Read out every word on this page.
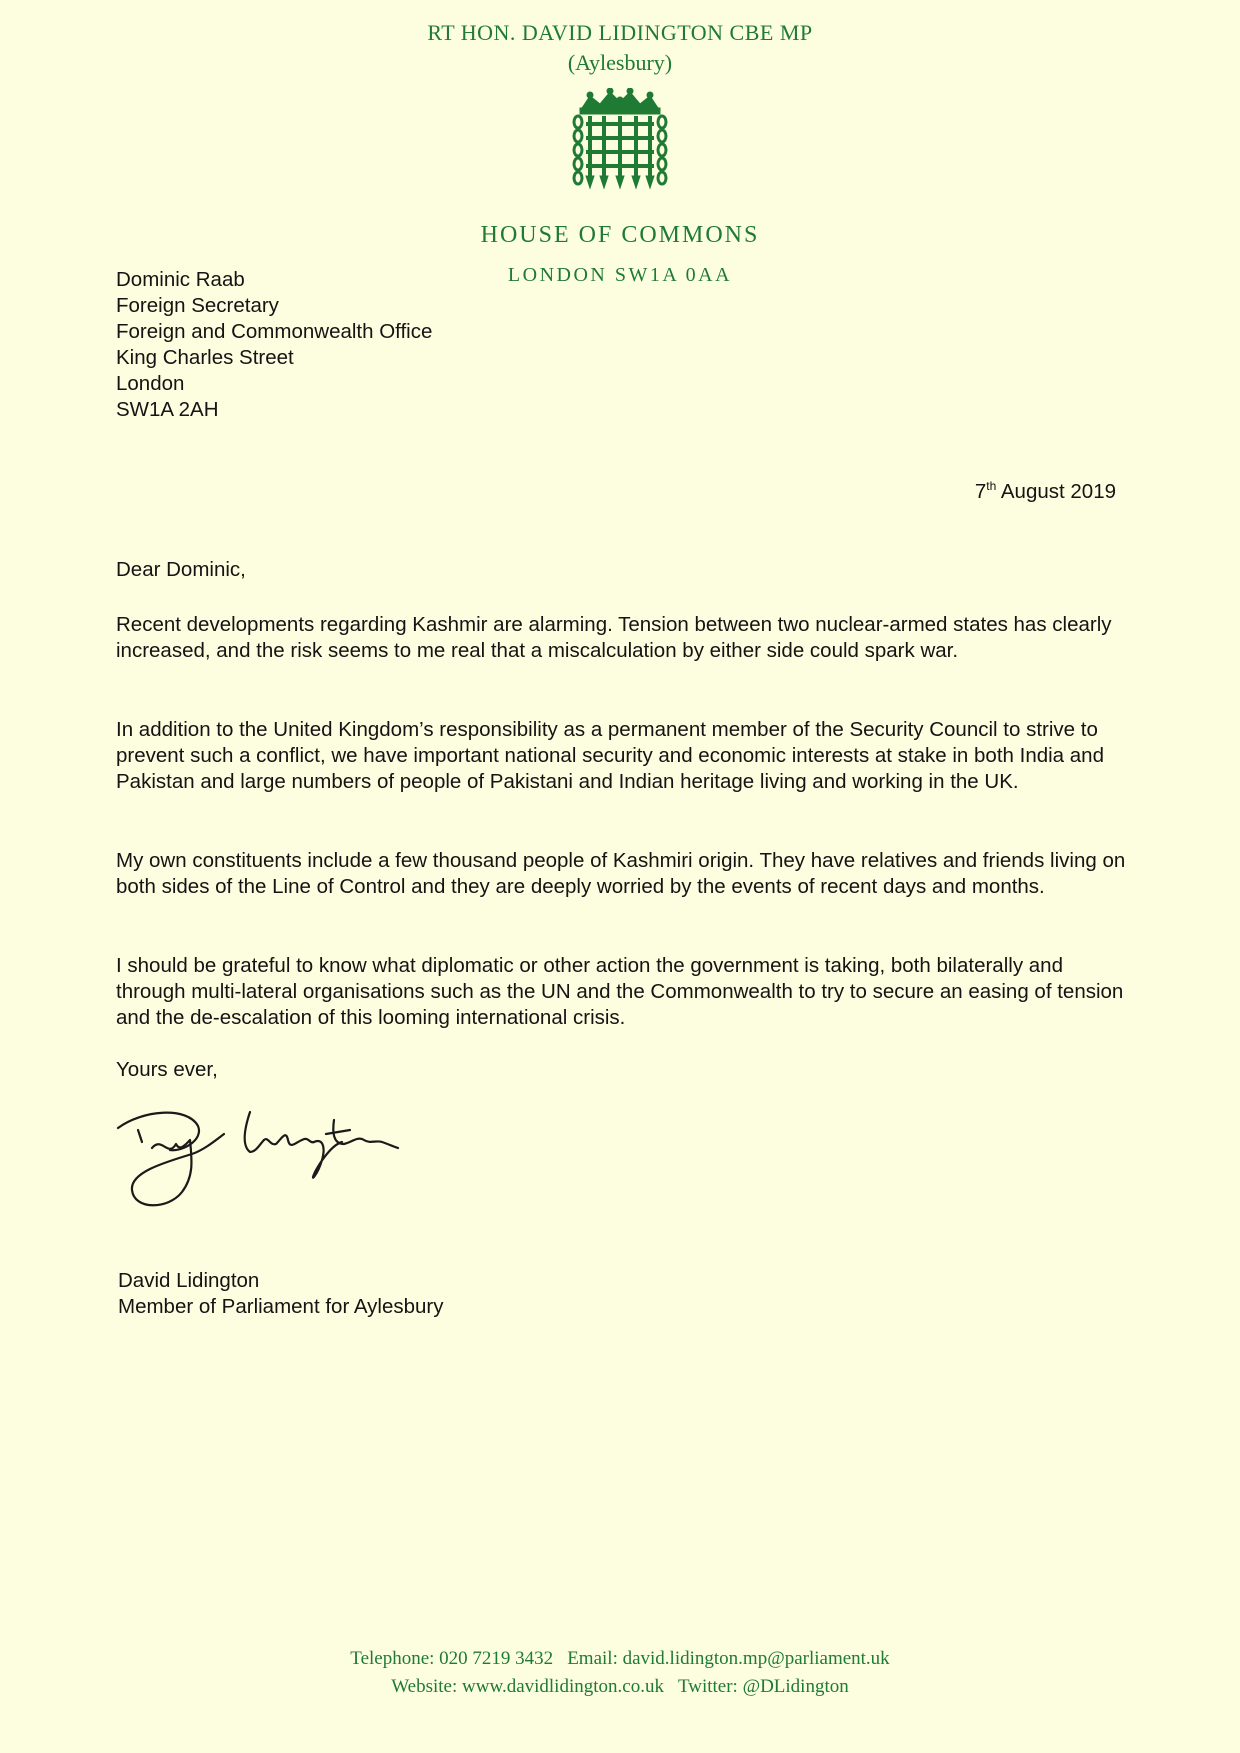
RT HON. DAVID LIDINGTON CBE MP
(Aylesbury)
HOUSE OF COMMONS
LONDON SW1A 0AA
Dominic Raab
Foreign Secretary
Foreign and Commonwealth Office
King Charles Street
London
SW1A 2AH
7th August 2019
Dear Dominic,
Recent developments regarding Kashmir are alarming. Tension between two nuclear-armed states has clearly increased, and the risk seems to me real that a miscalculation by either side could spark war.
In addition to the United Kingdom’s responsibility as a permanent member of the Security Council to strive to prevent such a conflict, we have important national security and economic interests at stake in both India and Pakistan and large numbers of people of Pakistani and Indian heritage living and working in the UK.
My own constituents include a few thousand people of Kashmiri origin. They have relatives and friends living on both sides of the Line of Control and they are deeply worried by the events of recent days and months.
I should be grateful to know what diplomatic or other action the government is taking, both bilaterally and through multi-lateral organisations such as the UN and the Commonwealth to try to secure an easing of tension and the de-escalation of this looming international crisis.
Yours ever,
David Lidington
Member of Parliament for Aylesbury
Telephone: 020 7219 3432 Email: david.lidington.mp@parliament.uk
Website: www.davidlidington.co.uk Twitter: @DLidington
